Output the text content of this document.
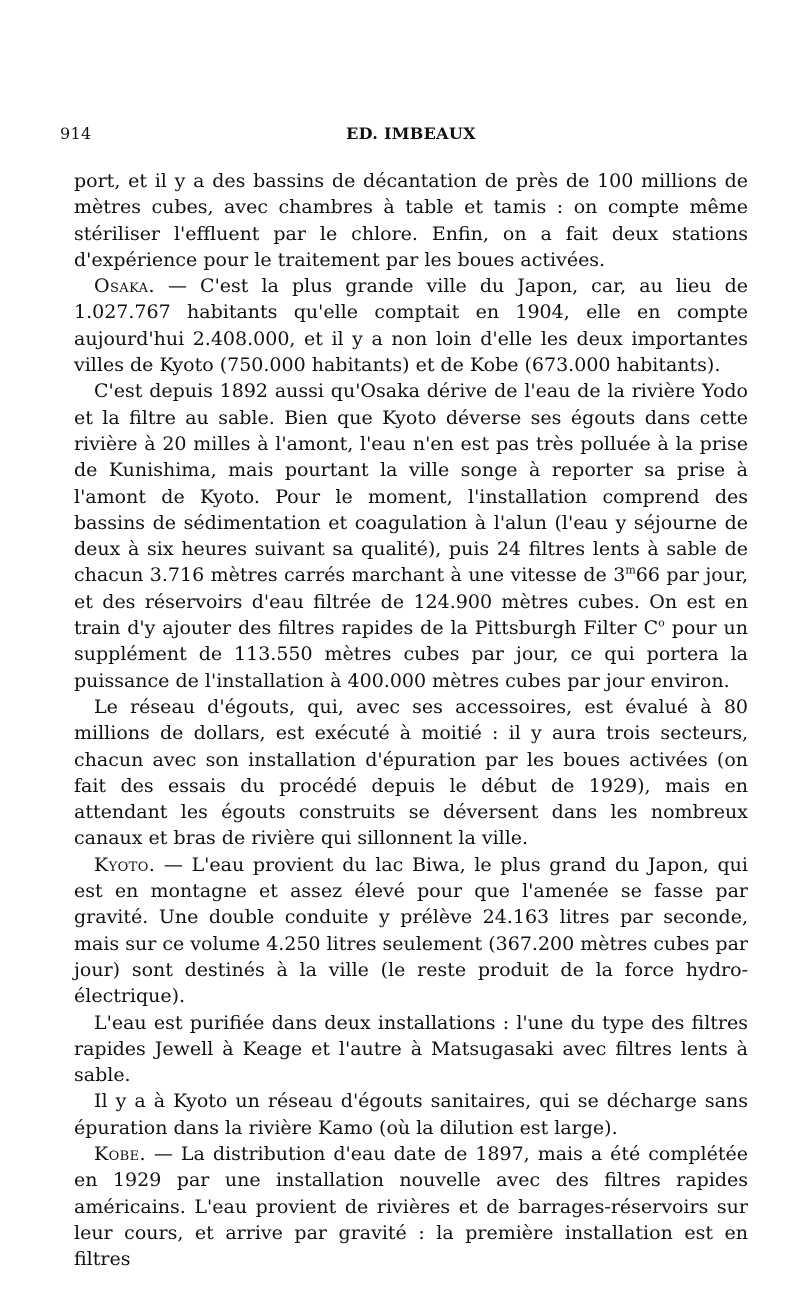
914	ED. IMBEAUX

port, et il y a des bassins de décantation de près de 100 millions de mètres cubes, avec chambres à table et tamis : on compte même stériliser l'effluent par le chlore. Enfin, on a fait deux stations d'expérience pour le traitement par les boues activées.

Osaka. — C'est la plus grande ville du Japon, car, au lieu de 1.027.767 habitants qu'elle comptait en 1904, elle en compte aujourd'hui 2.408.000, et il y a non loin d'elle les deux importantes villes de Kyoto (750.000 habitants) et de Kobe (673.000 habitants).

C'est depuis 1892 aussi qu'Osaka dérive de l'eau de la rivière Yodo et la filtre au sable. Bien que Kyoto déverse ses égouts dans cette rivière à 20 milles à l'amont, l'eau n'en est pas très polluée à la prise de Kunishima, mais pourtant la ville songe à reporter sa prise à l'amont de Kyoto. Pour le moment, l'installation comprend des bassins de sédimentation et coagulation à l'alun (l'eau y séjourne de deux à six heures suivant sa qualité), puis 24 filtres lents à sable de chacun 3.716 mètres carrés marchant à une vitesse de 3$^m$66 par jour, et des réservoirs d'eau filtrée de 124.900 mètres cubes. On est en train d'y ajouter des filtres rapides de la Pittsburgh Filter $C^o$ pour un supplément de 113.550 mètres cubes par jour, ce qui portera la puissance de l'installation à 400.000 mètres cubes par jour environ.

Le réseau d'égouts, qui, avec ses accessoires, est évalué à 80 millions de dollars, est exécuté à moitié : il y aura trois secteurs, chacun avec son installation d'épuration par les boues activées (on fait des essais du procédé depuis le début de 1929), mais en attendant les égouts construits se déversent dans les nombreux canaux et bras de rivière qui sillonnent la ville.

Kyoto. — L'eau provient du lac Biwa, le plus grand du Japon, qui est en montagne et assez élevé pour que l'amenée se fasse par gravité. Une double conduite y prélève 24.163 litres par seconde, mais sur ce volume 4.250 litres seulement (367.200 mètres cubes par jour) sont destinés à la ville (le reste produit de la force hydro-électrique).

L'eau est purifiée dans deux installations : l'une du type des filtres rapides Jewell à Keage et l'autre à Matsugasaki avec filtres lents à sable.

Il y a à Kyoto un réseau d'égouts sanitaires, qui se décharge sans épuration dans la rivière Kamo (où la dilution est large).

Kobe. — La distribution d'eau date de 1897, mais a été complétée en 1929 par une installation nouvelle avec des filtres rapides américains. L'eau provient de rivières et de barrages-réservoirs sur leur cours, et arrive par gravité : la première installation est en filtres
